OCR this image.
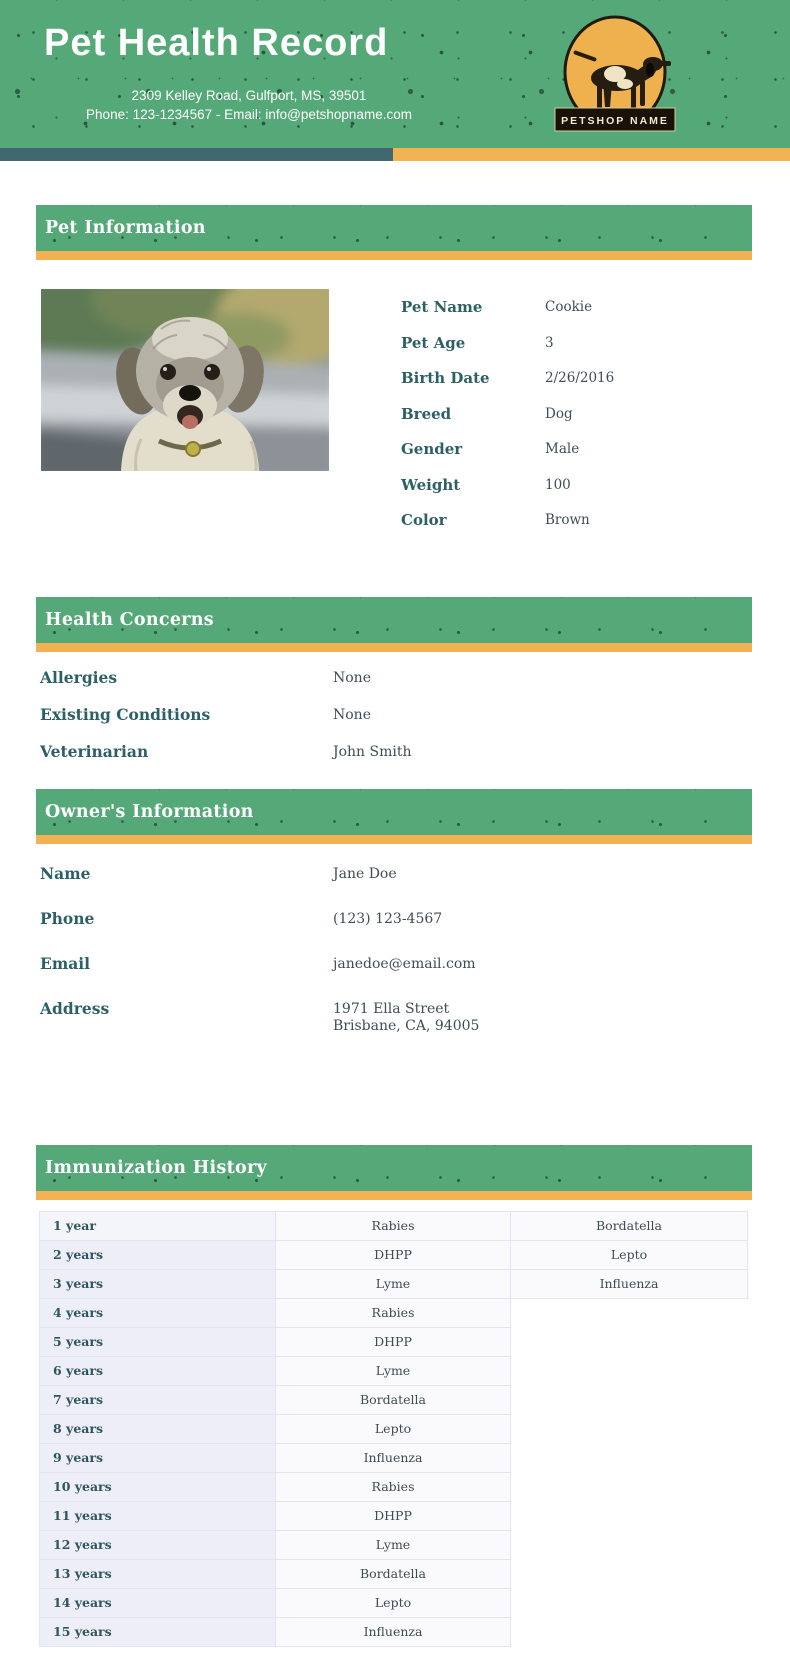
Pet Health Record
2309 Kelley Road, Gulfport, MS, 39501
Phone: 123-1234567 - Email: info@petshopname.com	PETSHOP NAME
Pet Information
Pet Name	Cookie
Pet Age	3
Birth Date	2/26/2016
Breed	Dog
Gender	Male
Weight	100
Color	Brown
Health Concerns
Allergies	None
Existing Conditions	None
Veterinarian	John Smith
Owner's Information
Name	Jane Doe
Phone	(123) 123-4567
Email	janedoe@email.com
Address	1971 Ella Street
Brisbane, CA, 94005
Immunization History
1 year	Rabies	Bordatella
2 years	DHPP	Lepto
3 years	Lyme	Influenza
4 years	Rabies	
5 years	DHPP	
6 years	Lyme	
7 years	Bordatella	
8 years	Lepto	
9 years	Influenza	
10 years	Rabies	
11 years	DHPP	
12 years	Lyme	
13 years	Bordatella	
14 years	Lepto	
15 years	Influenza	
